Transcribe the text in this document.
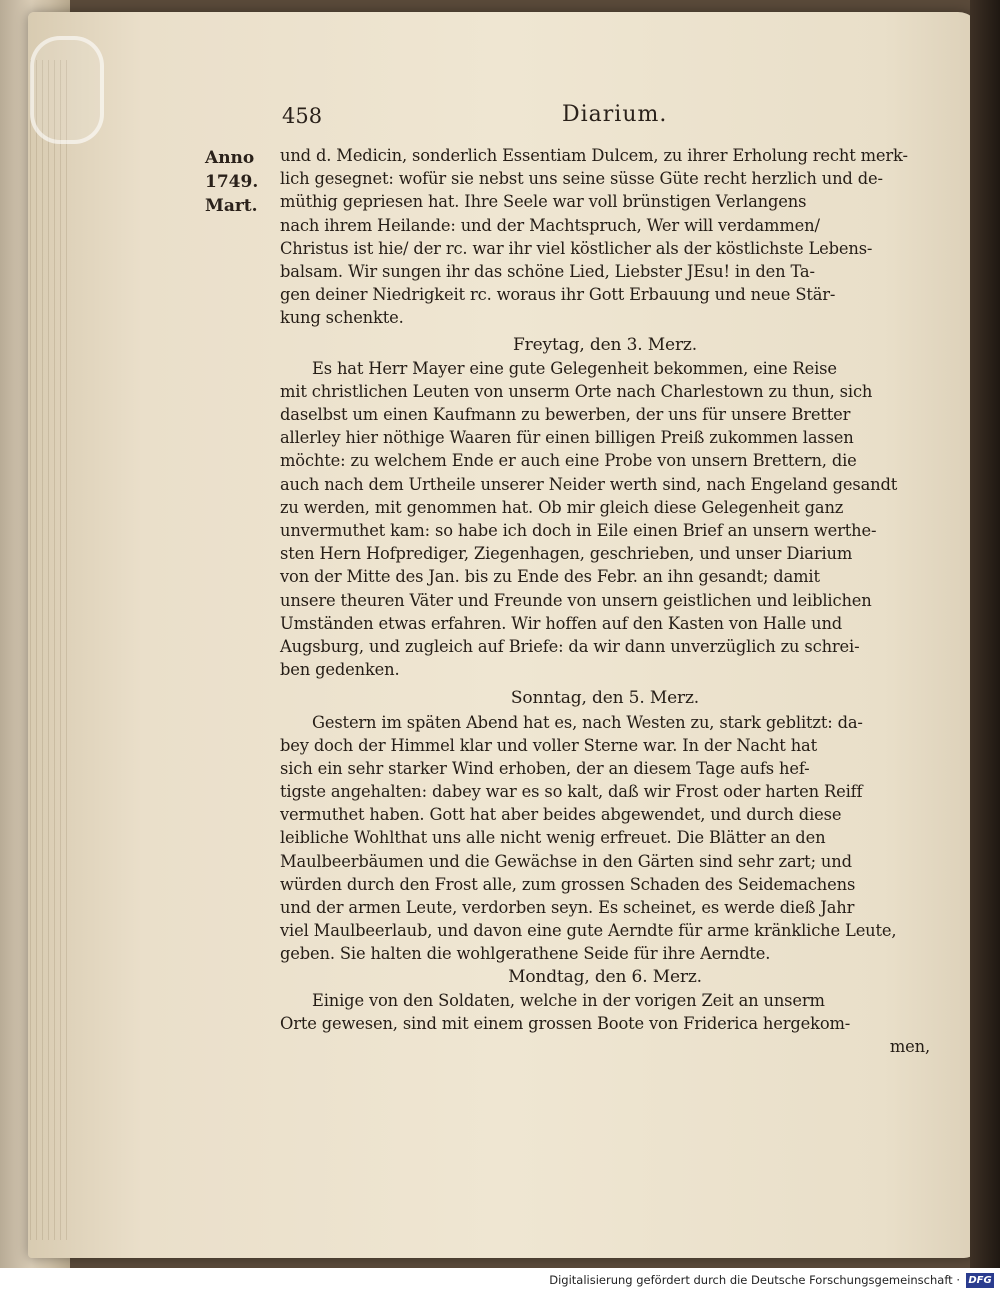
458	Diarium.
Anno
1749.
Mart.
und d. Medicin, sonderlich Essentiam Dulcem, zu ihrer Erholung recht merk-
lich gesegnet: wofür sie nebst uns seine süsse Güte recht herzlich und de-
müthig gepriesen hat. Ihre Seele war voll brünstigen Verlangens
nach ihrem Heilande: und der Machtspruch, Wer will verdammen/
Christus ist hie/ der rc. war ihr viel köstlicher als der köstlichste Lebens-
balsam. Wir sungen ihr das schöne Lied, Liebster JEsu! in den Ta-
gen deiner Niedrigkeit rc. woraus ihr Gott Erbauung und neue Stär-
kung schenkte.
Freytag, den 3. Merz.
Es hat Herr Mayer eine gute Gelegenheit bekommen, eine Reise
mit christlichen Leuten von unserm Orte nach Charlestown zu thun, sich
daselbst um einen Kaufmann zu bewerben, der uns für unsere Bretter
allerley hier nöthige Waaren für einen billigen Preiß zukommen lassen
möchte: zu welchem Ende er auch eine Probe von unsern Brettern, die
auch nach dem Urtheile unserer Neider werth sind, nach Engeland gesandt
zu werden, mit genommen hat. Ob mir gleich diese Gelegenheit ganz
unvermuthet kam: so habe ich doch in Eile einen Brief an unsern werthe-
sten Hern Hofprediger, Ziegenhagen, geschrieben, und unser Diarium
von der Mitte des Jan. bis zu Ende des Febr. an ihn gesandt; damit
unsere theuren Väter und Freunde von unsern geistlichen und leiblichen
Umständen etwas erfahren. Wir hoffen auf den Kasten von Halle und
Augsburg, und zugleich auf Briefe: da wir dann unverzüglich zu schrei-
ben gedenken.
Sonntag, den 5. Merz.
Gestern im späten Abend hat es, nach Westen zu, stark geblitzt: da-
bey doch der Himmel klar und voller Sterne war. In der Nacht hat
sich ein sehr starker Wind erhoben, der an diesem Tage aufs hef-
tigste angehalten: dabey war es so kalt, daß wir Frost oder harten Reiff
vermuthet haben. Gott hat aber beides abgewendet, und durch diese
leibliche Wohlthat uns alle nicht wenig erfreuet. Die Blätter an den
Maulbeerbäumen und die Gewächse in den Gärten sind sehr zart; und
würden durch den Frost alle, zum grossen Schaden des Seidemachens
und der armen Leute, verdorben seyn. Es scheinet, es werde dieß Jahr
viel Maulbeerlaub, und davon eine gute Aerndte für arme kränkliche Leute,
geben. Sie halten die wohlgerathene Seide für ihre Aerndte.
Mondtag, den 6. Merz.
Einige von den Soldaten, welche in der vorigen Zeit an unserm
Orte gewesen, sind mit einem grossen Boote von Friderica hergekom-
men,
Digitalisierung gefördert durch die Deutsche Forschungsgemeinschaft · DFG
